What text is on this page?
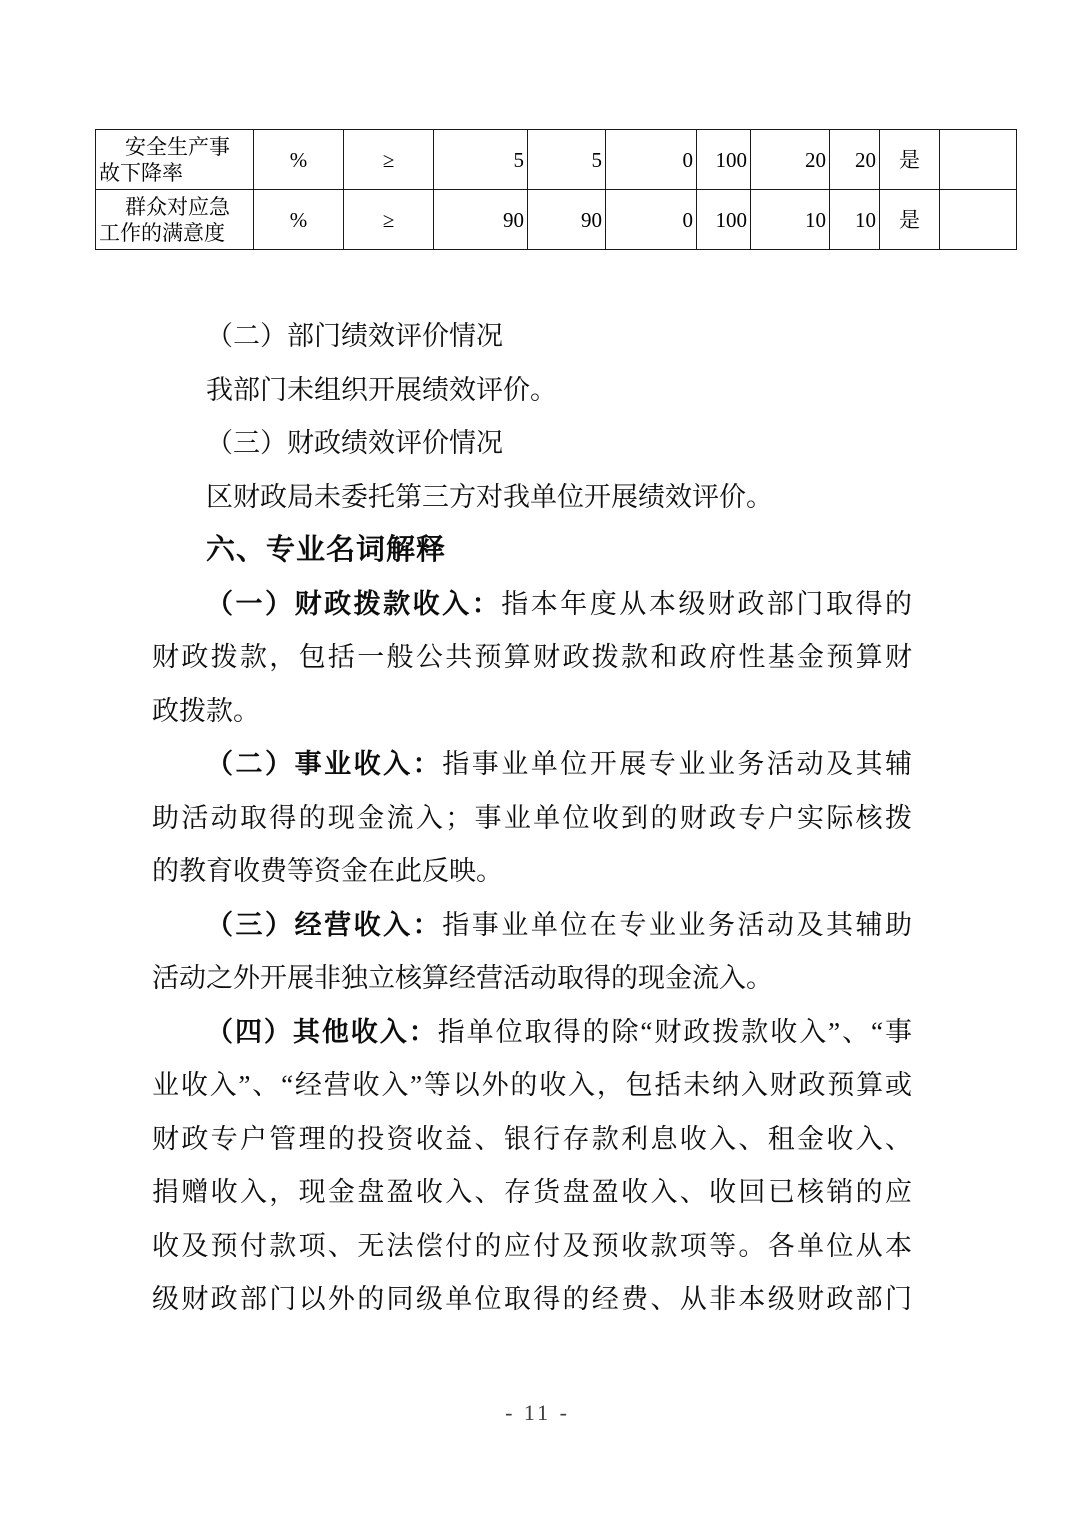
安全生产事故下降率	%	≥	5	5	0	100	20	20	是	
群众对应急工作的满意度	%	≥	90	90	0	100	10	10	是	
（二）部门绩效评价情况
我部门未组织开展绩效评价。
（三）财政绩效评价情况
区财政局未委托第三方对我单位开展绩效评价。
六、专业名词解释
（一）财政拨款收入：指本年度从本级财政部门取得的
财政拨款，包括一般公共预算财政拨款和政府性基金预算财
政拨款。
（二）事业收入：指事业单位开展专业业务活动及其辅
助活动取得的现金流入；事业单位收到的财政专户实际核拨
的教育收费等资金在此反映。
（三）经营收入：指事业单位在专业业务活动及其辅助
活动之外开展非独立核算经营活动取得的现金流入。
（四）其他收入：指单位取得的除“财政拨款收入”、“事
业收入”、“经营收入”等以外的收入，包括未纳入财政预算或
财政专户管理的投资收益、银行存款利息收入、租金收入、
捐赠收入，现金盘盈收入、存货盘盈收入、收回已核销的应
收及预付款项、无法偿付的应付及预收款项等。各单位从本
级财政部门以外的同级单位取得的经费、从非本级财政部门
- 11 -
